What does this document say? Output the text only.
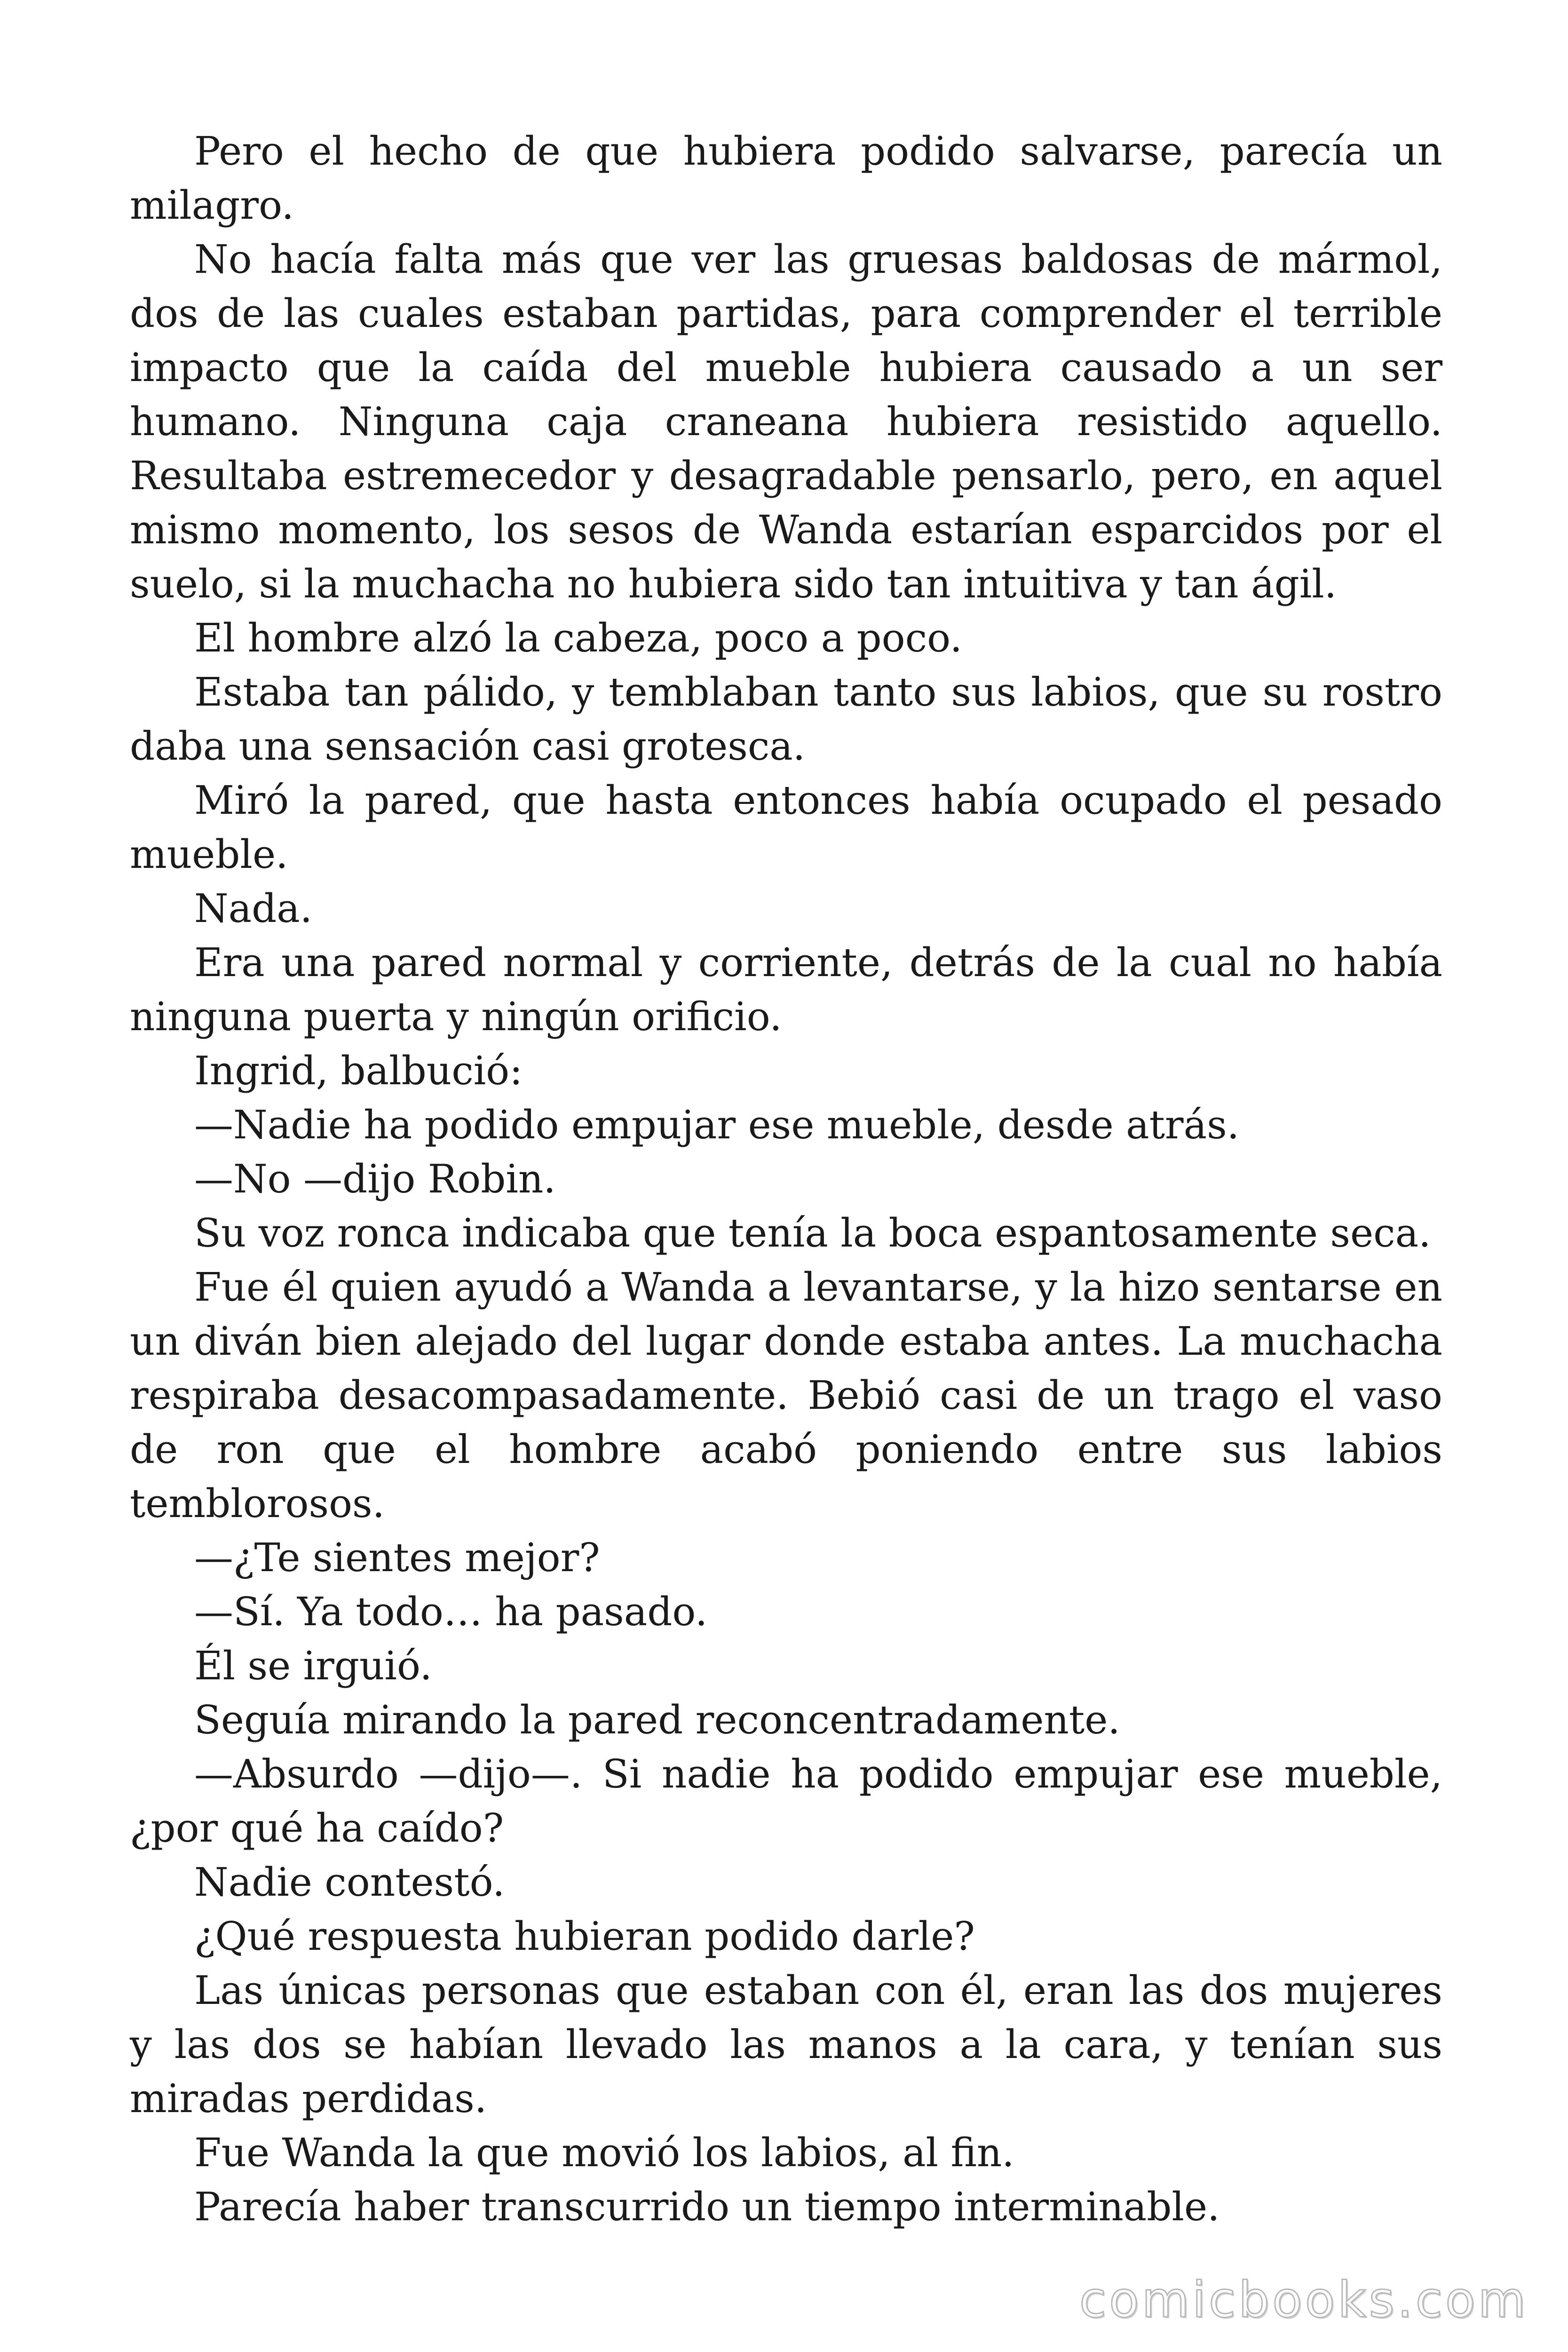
Pero el hecho de que hubiera podido salvarse, parecía un milagro.

No hacía falta más que ver las gruesas baldosas de mármol, dos de las cuales estaban partidas, para comprender el terrible impacto que la caída del mueble hubiera causado a un ser humano. Ninguna caja craneana hubiera resistido aquello. Resultaba estremecedor y desagradable pensarlo, pero, en aquel mismo momento, los sesos de Wanda estarían esparcidos por el suelo, si la muchacha no hubiera sido tan intuitiva y tan ágil.

El hombre alzó la cabeza, poco a poco.

Estaba tan pálido, y temblaban tanto sus labios, que su rostro daba una sensación casi grotesca.

Miró la pared, que hasta entonces había ocupado el pesado mueble.

Nada.

Era una pared normal y corriente, detrás de la cual no había ninguna puerta y ningún orificio.

Ingrid, balbució:

—Nadie ha podido empujar ese mueble, desde atrás.

—No —dijo Robin.

Su voz ronca indicaba que tenía la boca espantosamente seca.

Fue él quien ayudó a Wanda a levantarse, y la hizo sentarse en un diván bien alejado del lugar donde estaba antes. La muchacha respiraba desacompasadamente. Bebió casi de un trago el vaso de ron que el hombre acabó poniendo entre sus labios temblorosos.

—¿Te sientes mejor?

—Sí. Ya todo… ha pasado.

Él se irguió.

Seguía mirando la pared reconcentradamente.

—Absurdo —dijo—. Si nadie ha podido empujar ese mueble, ¿por qué ha caído?

Nadie contestó.

¿Qué respuesta hubieran podido darle?

Las únicas personas que estaban con él, eran las dos mujeres y las dos se habían llevado las manos a la cara, y tenían sus miradas perdidas.

Fue Wanda la que movió los labios, al fin.

Parecía haber transcurrido un tiempo interminable.

comicbooks.com
